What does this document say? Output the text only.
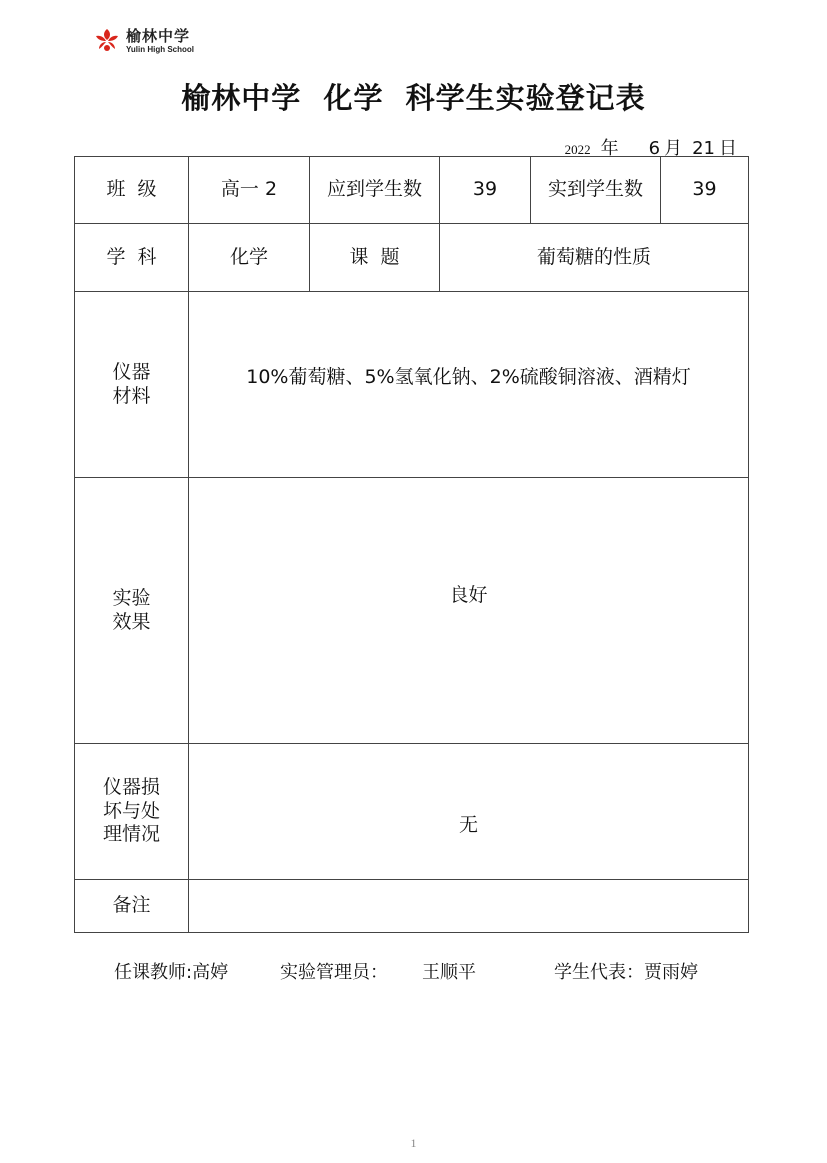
榆林中学
Yulin High School
榆林中学  化学  科学生实验登记表
2022 年 6 月 21 日
班  级	高一 2	应到学生数	39	实到学生数	39
学  科	化学	课  题	葡萄糖的性质		

仪器
材料	10%葡萄糖、5%氢氧化钠、2%硫酸铜溶液、酒精灯				

实验
效果	良好				

仪器损
坏与处
理情况	无				
备注					
任课教师:高婷	实验管理员： 王顺平	学生代表：贾雨婷
1
